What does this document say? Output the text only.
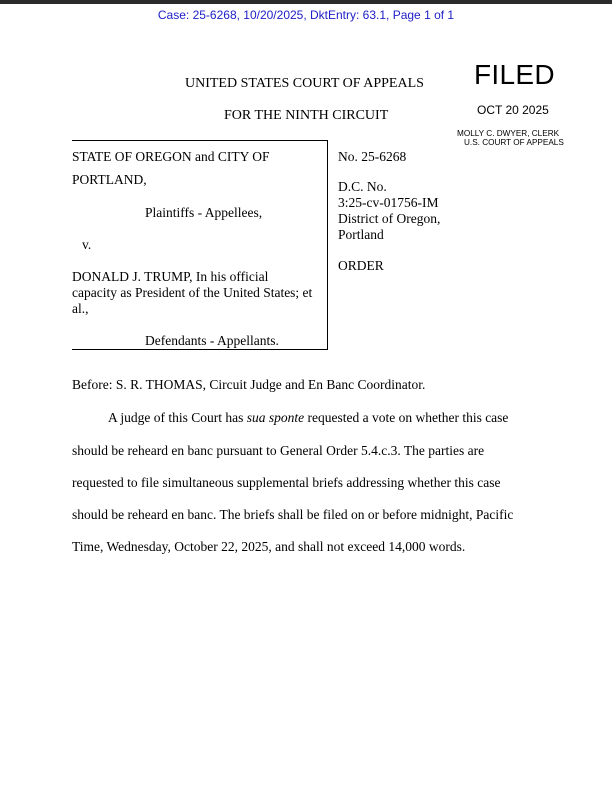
Case: 25-6268, 10/20/2025, DktEntry: 63.1, Page 1 of 1
UNITED STATES COURT OF APPEALS
FOR THE NINTH CIRCUIT
FILED
OCT 20 2025
MOLLY C. DWYER, CLERK
U.S. COURT OF APPEALS
STATE OF OREGON and CITY OF
PORTLAND,
Plaintiffs - Appellees,
v.
DONALD J. TRUMP, In his official
capacity as President of the United States; et
al.,
Defendants - Appellants.
No. 25-6268
D.C. No.
3:25-cv-01756-IM
District of Oregon,
Portland
ORDER
Before: S. R. THOMAS, Circuit Judge and En Banc Coordinator.
A judge of this Court has sua sponte requested a vote on whether this case
should be reheard en banc pursuant to General Order 5.4.c.3. The parties are
requested to file simultaneous supplemental briefs addressing whether this case
should be reheard en banc. The briefs shall be filed on or before midnight, Pacific
Time, Wednesday, October 22, 2025, and shall not exceed 14,000 words.
